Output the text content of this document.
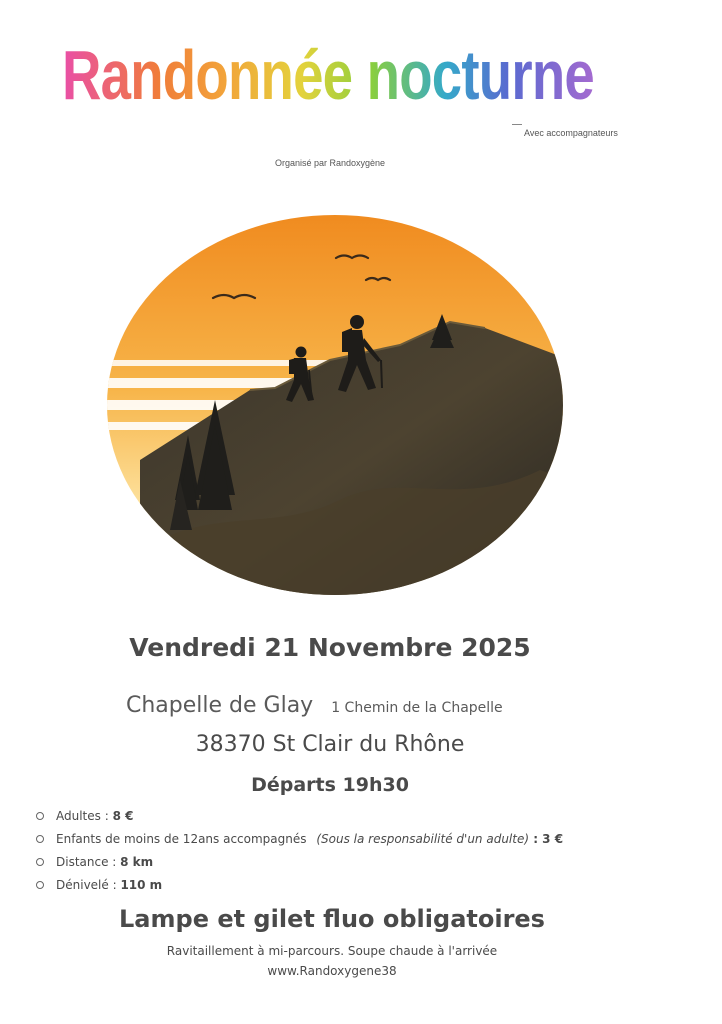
Randonnée nocturne
Avec accompagnateurs
Organisé par Randoxygène
Vendredi 21 Novembre 2025
Chapelle de Glay 1 Chemin de la Chapelle
38370 St Clair du Rhône
Départs 19h30
Adultes : 8 €
Enfants de moins de 12ans accompagnés (Sous la responsabilité d'un adulte) : 3 €
Distance : 8 km
Dénivelé : 110 m
Lampe et gilet fluo obligatoires
Ravitaillement à mi-parcours. Soupe chaude à l'arrivée
www.Randoxygene38
